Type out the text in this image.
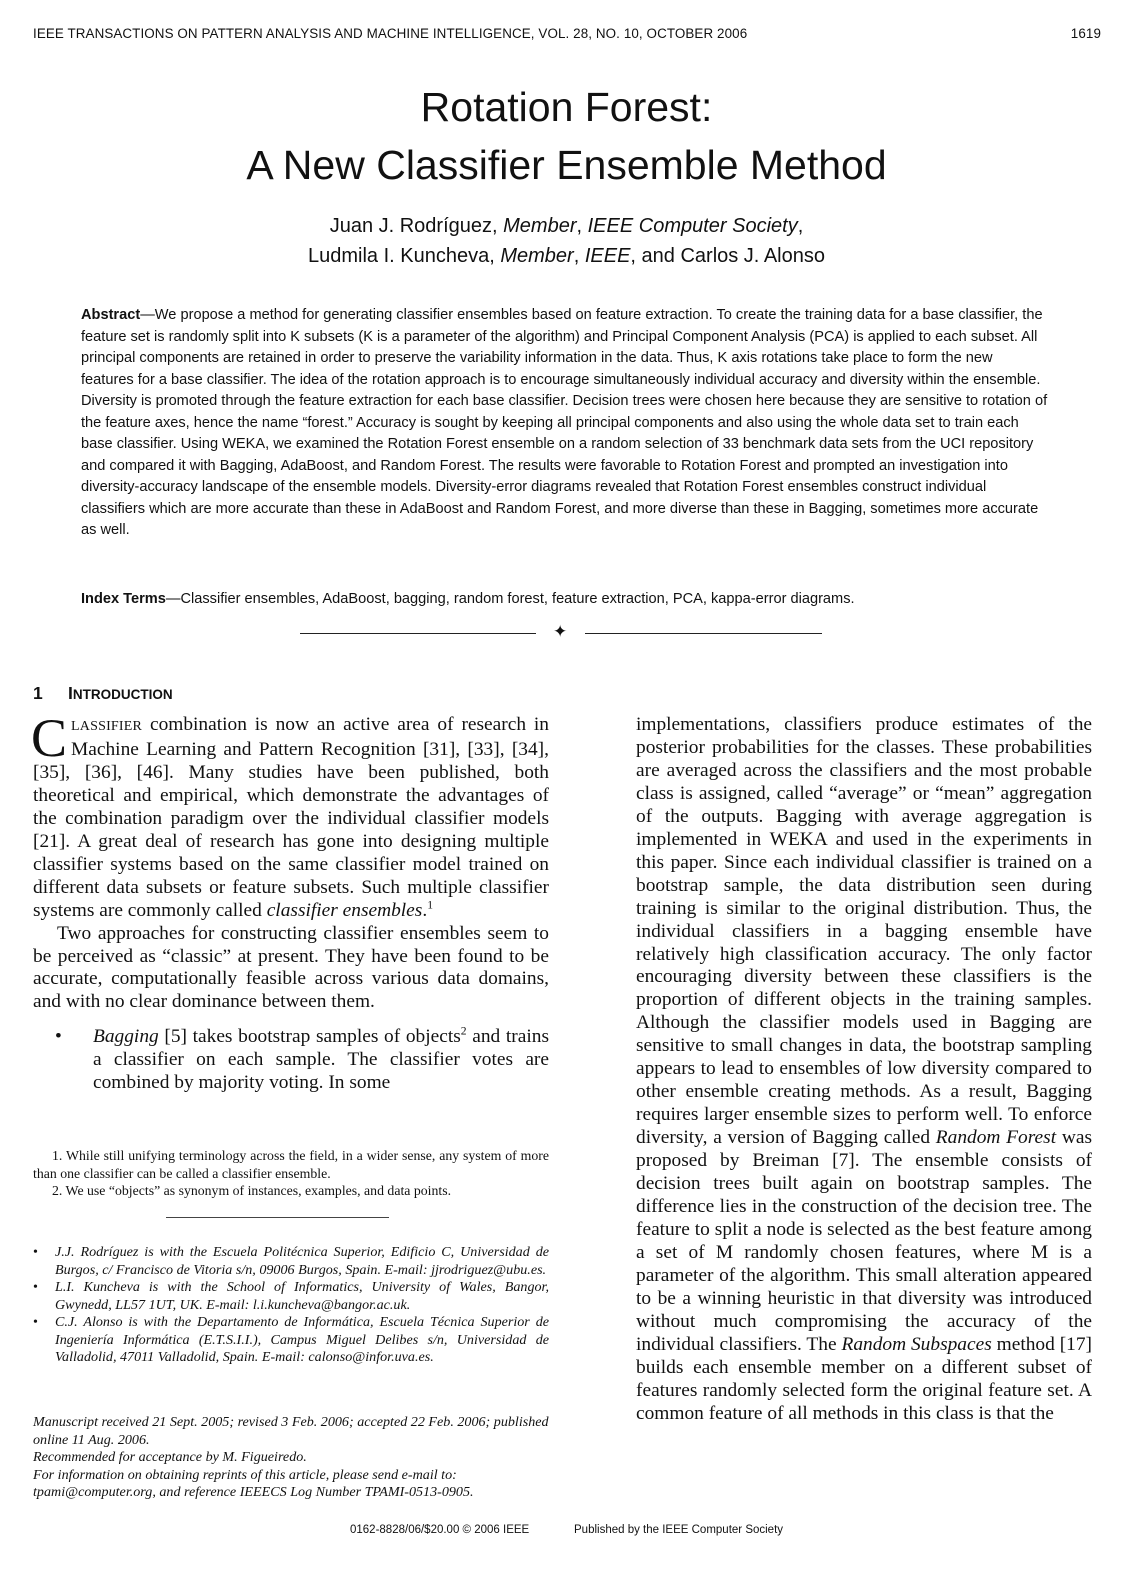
IEEE TRANSACTIONS ON PATTERN ANALYSIS AND MACHINE INTELLIGENCE, VOL. 28, NO. 10, OCTOBER 2006	1619
Rotation Forest:
A New Classifier Ensemble Method
Juan J. Rodríguez, Member, IEEE Computer Society,
Ludmila I. Kuncheva, Member, IEEE, and Carlos J. Alonso
Abstract—We propose a method for generating classifier ensembles based on feature extraction. To create the training data for a base classifier, the feature set is randomly split into K subsets (K is a parameter of the algorithm) and Principal Component Analysis (PCA) is applied to each subset. All principal components are retained in order to preserve the variability information in the data. Thus, K axis rotations take place to form the new features for a base classifier. The idea of the rotation approach is to encourage simultaneously individual accuracy and diversity within the ensemble. Diversity is promoted through the feature extraction for each base classifier. Decision trees were chosen here because they are sensitive to rotation of the feature axes, hence the name “forest.” Accuracy is sought by keeping all principal components and also using the whole data set to train each base classifier. Using WEKA, we examined the Rotation Forest ensemble on a random selection of 33 benchmark data sets from the UCI repository and compared it with Bagging, AdaBoost, and Random Forest. The results were favorable to Rotation Forest and prompted an investigation into diversity-accuracy landscape of the ensemble models. Diversity-error diagrams revealed that Rotation Forest ensembles construct individual classifiers which are more accurate than these in AdaBoost and Random Forest, and more diverse than these in Bagging, sometimes more accurate as well.
Index Terms—Classifier ensembles, AdaBoost, bagging, random forest, feature extraction, PCA, kappa-error diagrams.
✦
1 INTRODUCTION

CLASSIFIER combination is now an active area of research in Machine Learning and Pattern Recognition [31], [33], [34], [35], [36], [46]. Many studies have been published, both theoretical and empirical, which demonstrate the advantages of the combination paradigm over the individual classifier models [21]. A great deal of research has gone into designing multiple classifier systems based on the same classifier model trained on different data subsets or feature subsets. Such multiple classifier systems are commonly called classifier ensembles.$^1$

Two approaches for constructing classifier ensembles seem to be perceived as “classic” at present. They have been found to be accurate, computationally feasible across various data domains, and with no clear dominance between them.

• Bagging [5] takes bootstrap samples of objects$^2$ and trains a classifier on each sample. The classifier votes are combined by majority voting. In some

1. While still unifying terminology across the field, in a wider sense, any system of more than one classifier can be called a classifier ensemble.

2. We use “objects” as synonym of instances, examples, and data points.

• J.J. Rodríguez is with the Escuela Politécnica Superior, Edificio C, Universidad de Burgos, c/ Francisco de Vitoria s/n, 09006 Burgos, Spain. E-mail: jjrodriguez@ubu.es.
• L.I. Kuncheva is with the School of Informatics, University of Wales, Bangor, Gwynedd, LL57 1UT, UK. E-mail: l.i.kuncheva@bangor.ac.uk.
• C.J. Alonso is with the Departamento de Informática, Escuela Técnica Superior de Ingeniería Informática (E.T.S.I.I.), Campus Miguel Delibes s/n, Universidad de Valladolid, 47011 Valladolid, Spain. E-mail: calonso@infor.uva.es.
Manuscript received 21 Sept. 2005; revised 3 Feb. 2006; accepted 22 Feb. 2006; published online 11 Aug. 2006.
Recommended for acceptance by M. Figueiredo.
For information on obtaining reprints of this article, please send e-mail to: tpami@computer.org, and reference IEEECS Log Number TPAMI-0513-0905.

implementations, classifiers produce estimates of the posterior probabilities for the classes. These probabilities are averaged across the classifiers and the most probable class is assigned, called “average” or “mean” aggregation of the outputs. Bagging with average aggregation is implemented in WEKA and used in the experiments in this paper. Since each individual classifier is trained on a bootstrap sample, the data distribution seen during training is similar to the original distribution. Thus, the individual classifiers in a bagging ensemble have relatively high classification accuracy. The only factor encouraging diversity between these classifiers is the proportion of different objects in the training samples. Although the classifier models used in Bagging are sensitive to small changes in data, the bootstrap sampling appears to lead to ensembles of low diversity compared to other ensemble creating methods. As a result, Bagging requires larger ensemble sizes to perform well. To enforce diversity, a version of Bagging called Random Forest was proposed by Breiman [7]. The ensemble consists of decision trees built again on bootstrap samples. The difference lies in the construction of the decision tree. The feature to split a node is selected as the best feature among a set of M randomly chosen features, where M is a parameter of the algorithm. This small alteration appeared to be a winning heuristic in that diversity was introduced without much compromising the accuracy of the individual classifiers. The Random Subspaces method [17] builds each ensemble member on a different subset of features randomly selected form the original feature set. A common feature of all methods in this class is that the

0162-8828/06/$20.00 © 2006 IEEE	Published by the IEEE Computer Society
